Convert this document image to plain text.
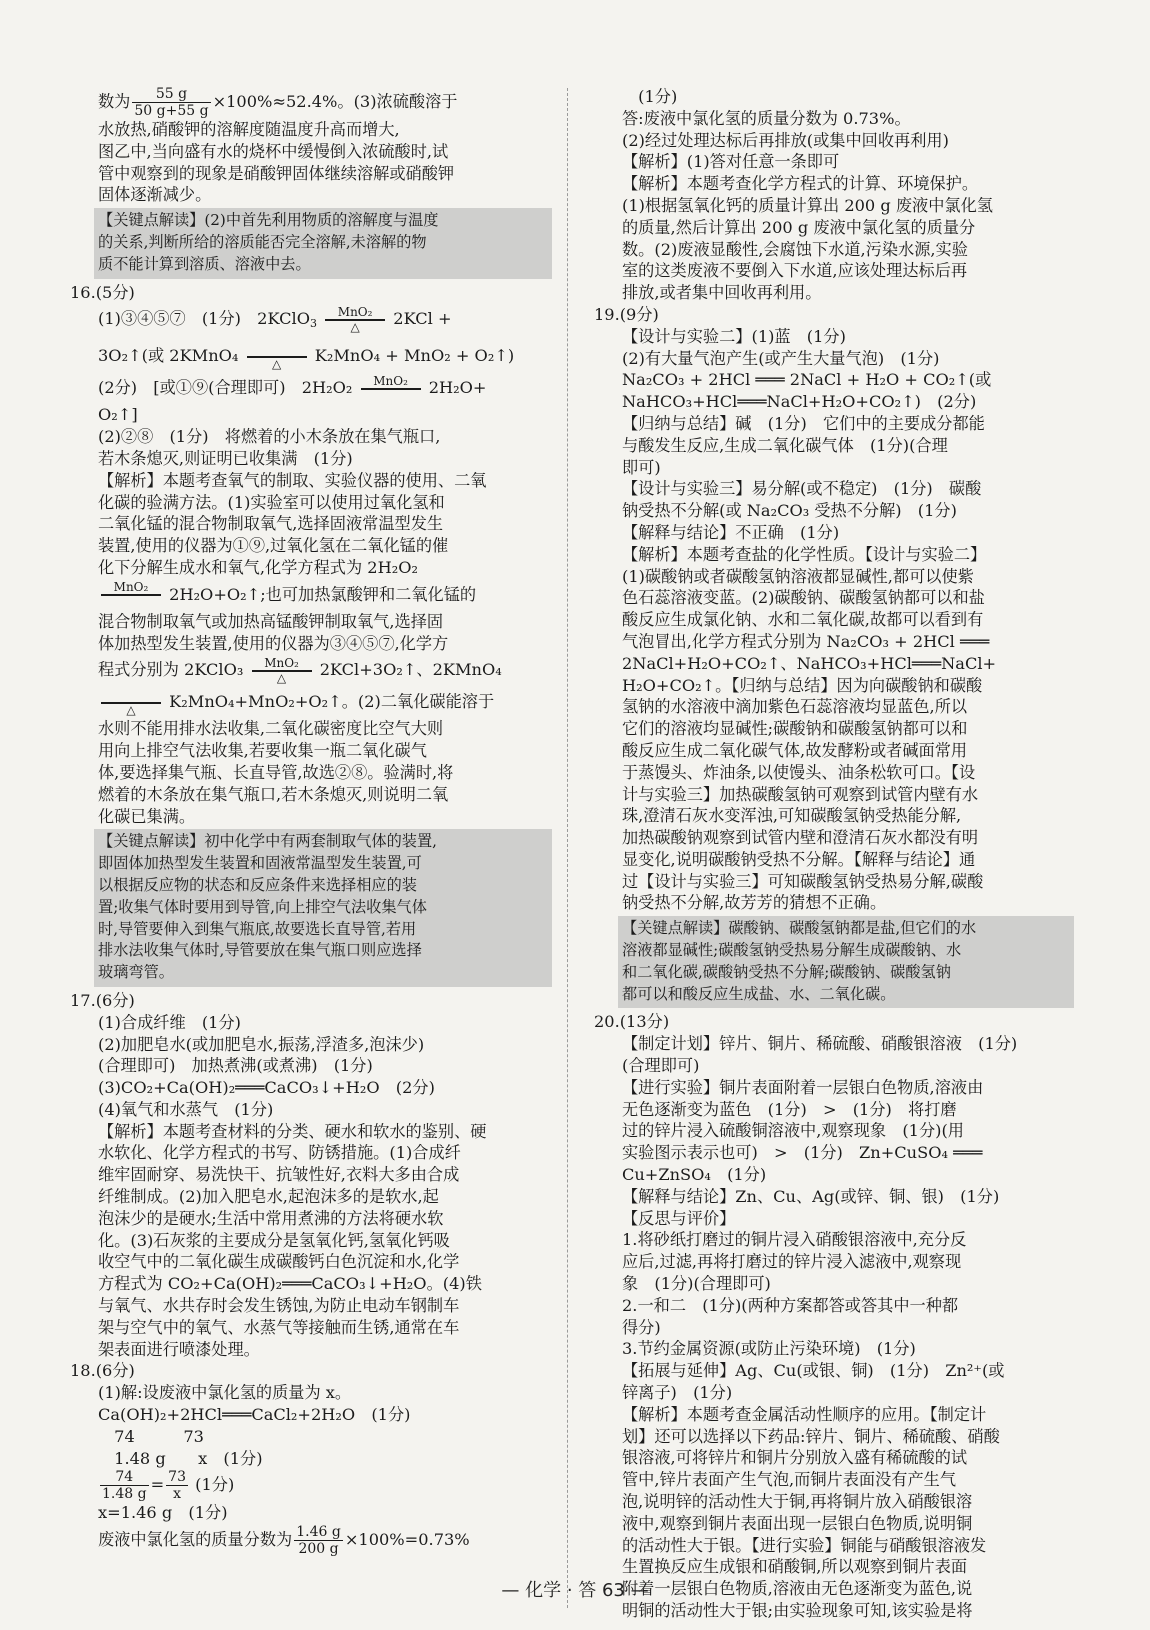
数为 $\frac{55 g}{50 g+55 g} \times 100\%\approx 52.4\%$。(3)浓硫酸溶于
水放热,硝酸钾的溶解度随温度升高而增大,
图乙中,当向盛有水的烧杯中缓慢倒入浓硫酸时,试
管中观察到的现象是硝酸钾固体继续溶解或硝酸钾
固体逐渐减少。
【关键点解读】(2)中首先利用物质的溶解度与温度
的关系,判断所给的溶质能否完全溶解,未溶解的物
质不能计算到溶质、溶液中去。
16.(5分)
(1)③④⑤⑦　(1分)　2KClO3
MnO₂
△	2KCl +
3O₂↑(或 2KMnO₄
	△	K₂MnO₄ + MnO₂ + O₂↑)
(2分)　[或①⑨(合理即可)　2H₂O₂	MnO₂
	2H₂O+
O₂↑]
(2)②⑧　(1分)　将燃着的小木条放在集气瓶口,
若木条熄灭,则证明已收集满　(1分)
【解析】本题考查氧气的制取、实验仪器的使用、二氧
化碳的验满方法。(1)实验室可以使用过氧化氢和
二氧化锰的混合物制取氧气,选择固液常温型发生
装置,使用的仪器为①⑨,过氧化氢在二氧化锰的催
化下分解生成水和氧气,化学方程式为 2H₂O₂
MnO₂
	2H₂O+O₂↑;也可加热氯酸钾和二氧化锰的
混合物制取氧气或加热高锰酸钾制取氧气,选择固
体加热型发生装置,使用的仪器为③④⑤⑦,化学方
程式分别为 2KClO₃	MnO₂
△	2KCl+3O₂↑、2KMnO₄

△	K₂MnO₄+MnO₂+O₂↑。(2)二氧化碳能溶于
水则不能用排水法收集,二氧化碳密度比空气大则
用向上排空气法收集,若要收集一瓶二氧化碳气
体,要选择集气瓶、长直导管,故选②⑧。验满时,将
燃着的木条放在集气瓶口,若木条熄灭,则说明二氧
化碳已集满。
【关键点解读】初中化学中有两套制取气体的装置,
即固体加热型发生装置和固液常温型发生装置,可
以根据反应物的状态和反应条件来选择相应的装
置;收集气体时要用到导管,向上排空气法收集气体
时,导管要伸入到集气瓶底,故要选长直导管,若用
排水法收集气体时,导管要放在集气瓶口则应选择
玻璃弯管。
17.(6分)
(1)合成纤维　(1分)
(2)加肥皂水(或加肥皂水,振荡,浮渣多,泡沫少)
(合理即可)　加热煮沸(或煮沸)　(1分)
(3)CO₂+Ca(OH)₂═══CaCO₃↓+H₂O　(2分)
(4)氧气和水蒸气　(1分)
【解析】本题考查材料的分类、硬水和软水的鉴别、硬
水软化、化学方程式的书写、防锈措施。(1)合成纤
维牢固耐穿、易洗快干、抗皱性好,衣料大多由合成
纤维制成。(2)加入肥皂水,起泡沫多的是软水,起
泡沫少的是硬水;生活中常用煮沸的方法将硬水软
化。(3)石灰浆的主要成分是氢氧化钙,氢氧化钙吸
收空气中的二氧化碳生成碳酸钙白色沉淀和水,化学
方程式为 CO₂+Ca(OH)₂═══CaCO₃↓+H₂O。(4)铁
与氧气、水共存时会发生锈蚀,为防止电动车钢制车
架与空气中的氧气、水蒸气等接触而生锈,通常在车
架表面进行喷漆处理。
18.(6分)
(1)解:设废液中氯化氢的质量为 x。
Ca(OH)₂+2HCl═══CaCl₂+2H₂O　(1分)
　74　　　73
　1.48 g　　x　(1分)
$\frac{74}{1.48 g} = \frac{73}{x} (1$分)
x=1.46 g　(1分)
废液中氯化氢的质量分数为 $\frac{1.46 g}{200 g} \times 100\%=0.73\%$
　(1分)
答:废液中氯化氢的质量分数为 0.73%。
(2)经过处理达标后再排放(或集中回收再利用)
【解析】(1)答对任意一条即可
【解析】本题考查化学方程式的计算、环境保护。
(1)根据氢氧化钙的质量计算出 200 g 废液中氯化氢
的质量,然后计算出 200 g 废液中氯化氢的质量分
数。(2)废液显酸性,会腐蚀下水道,污染水源,实验
室的这类废液不要倒入下水道,应该处理达标后再
排放,或者集中回收再利用。
19.(9分)
【设计与实验二】(1)蓝　(1分)
(2)有大量气泡产生(或产生大量气泡)　(1分)
Na₂CO₃ + 2HCl ═══ 2NaCl + H₂O + CO₂↑(或
NaHCO₃+HCl═══NaCl+H₂O+CO₂↑)　(2分)
【归纳与总结】碱　(1分)　它们中的主要成分都能
与酸发生反应,生成二氧化碳气体　(1分)(合理
即可)
【设计与实验三】易分解(或不稳定)　(1分)　碳酸
钠受热不分解(或 Na₂CO₃ 受热不分解)　(1分)
【解释与结论】不正确　(1分)
【解析】本题考查盐的化学性质。【设计与实验二】
(1)碳酸钠或者碳酸氢钠溶液都显碱性,都可以使紫
色石蕊溶液变蓝。(2)碳酸钠、碳酸氢钠都可以和盐
酸反应生成氯化钠、水和二氧化碳,故都可以看到有
气泡冒出,化学方程式分别为 Na₂CO₃ + 2HCl ═══
2NaCl+H₂O+CO₂↑、NaHCO₃+HCl═══NaCl+
H₂O+CO₂↑。【归纳与总结】因为向碳酸钠和碳酸
氢钠的水溶液中滴加紫色石蕊溶液均显蓝色,所以
它们的溶液均显碱性;碳酸钠和碳酸氢钠都可以和
酸反应生成二氧化碳气体,故发酵粉或者碱面常用
于蒸馒头、炸油条,以使馒头、油条松软可口。【设
计与实验三】加热碳酸氢钠可观察到试管内壁有水
珠,澄清石灰水变浑浊,可知碳酸氢钠受热能分解,
加热碳酸钠观察到试管内壁和澄清石灰水都没有明
显变化,说明碳酸钠受热不分解。【解释与结论】通
过【设计与实验三】可知碳酸氢钠受热易分解,碳酸
钠受热不分解,故芳芳的猜想不正确。
【关键点解读】碳酸钠、碳酸氢钠都是盐,但它们的水
溶液都显碱性;碳酸氢钠受热易分解生成碳酸钠、水
和二氧化碳,碳酸钠受热不分解;碳酸钠、碳酸氢钠
都可以和酸反应生成盐、水、二氧化碳。
20.(13分)
【制定计划】锌片、铜片、稀硫酸、硝酸银溶液　(1分)
(合理即可)
【进行实验】铜片表面附着一层银白色物质,溶液由
无色逐渐变为蓝色　(1分)　>　(1分)　将打磨
过的锌片浸入硫酸铜溶液中,观察现象　(1分)(用
实验图示表示也可)　>　(1分)　Zn+CuSO₄ ═══
Cu+ZnSO₄　(1分)
【解释与结论】Zn、Cu、Ag(或锌、铜、银)　(1分)
【反思与评价】
1.将砂纸打磨过的铜片浸入硝酸银溶液中,充分反
应后,过滤,再将打磨过的锌片浸入滤液中,观察现
象　(1分)(合理即可)
2.一和二　(1分)(两种方案都答或答其中一种都
得分)
3.节约金属资源(或防止污染环境)　(1分)
【拓展与延伸】Ag、Cu(或银、铜)　(1分)　Zn²⁺(或
锌离子)　(1分)
【解析】本题考查金属活动性顺序的应用。【制定计
划】还可以选择以下药品:锌片、铜片、稀硫酸、硝酸
银溶液,可将锌片和铜片分别放入盛有稀硫酸的试
管中,锌片表面产生气泡,而铜片表面没有产生气
泡,说明锌的活动性大于铜,再将铜片放入硝酸银溶
液中,观察到铜片表面出现一层银白色物质,说明铜
的活动性大于银。【进行实验】铜能与硝酸银溶液发
生置换反应生成银和硝酸铜,所以观察到铜片表面
附着一层银白色物质,溶液由无色逐渐变为蓝色,说
明铜的活动性大于银;由实验现象可知,该实验是将
— 化学 · 答 63 —
